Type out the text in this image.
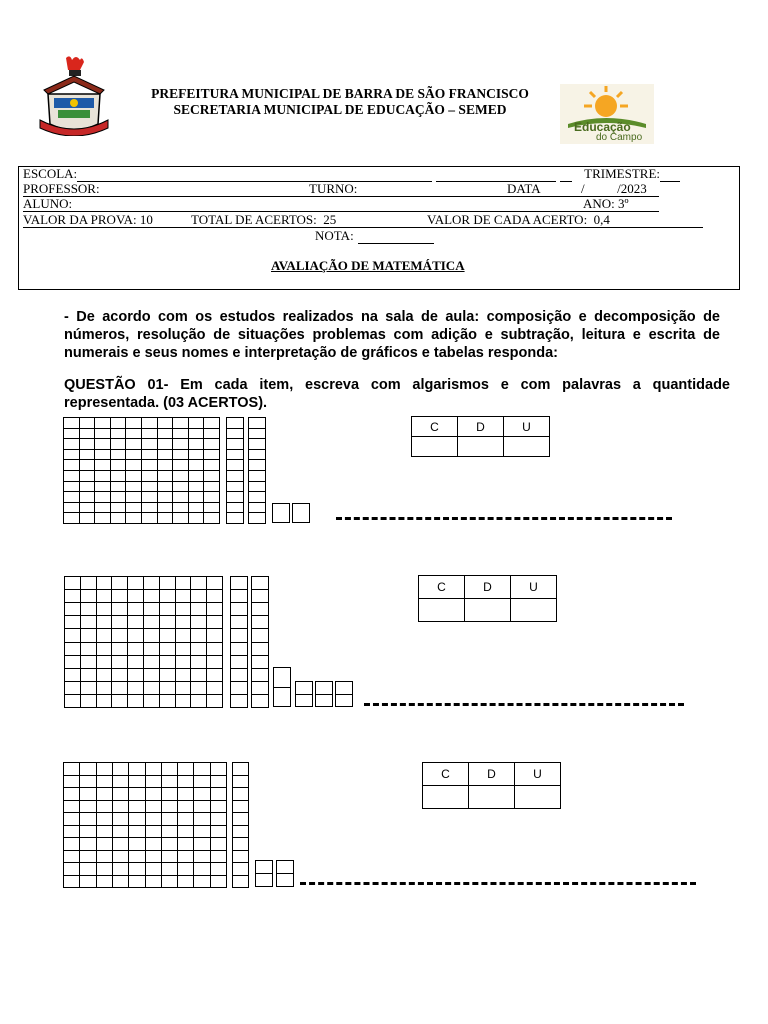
PREFEITURA MUNICIPAL DE BARRA DE SÃO FRANCISCO
SECRETARIA MUNICIPAL DE EDUCAÇÃO – SEMED
Educação
do Campo
ESCOLA:	TRIMESTRE:
PROFESSOR:	TURNO:	DATA	/          /2023
ALUNO:	ANO: 3º
VALOR DA PROVA: 10	TOTAL DE ACERTOS:  25	VALOR DE CADA ACERTO:  0,4
NOTA:
AVALIAÇÃO DE MATEMÁTICA
- De acordo com os estudos realizados na sala de aula: composição e decomposição de números, resolução de situações problemas com adição e subtração, leitura e escrita de numerais e seus nomes e interpretação de gráficos e tabelas responda:
QUESTÃO 01- Em cada item, escreva com algarismos e com palavras a quantidade representada. (03 ACERTOS).
C	D	U

C	D	U

C	D	U
